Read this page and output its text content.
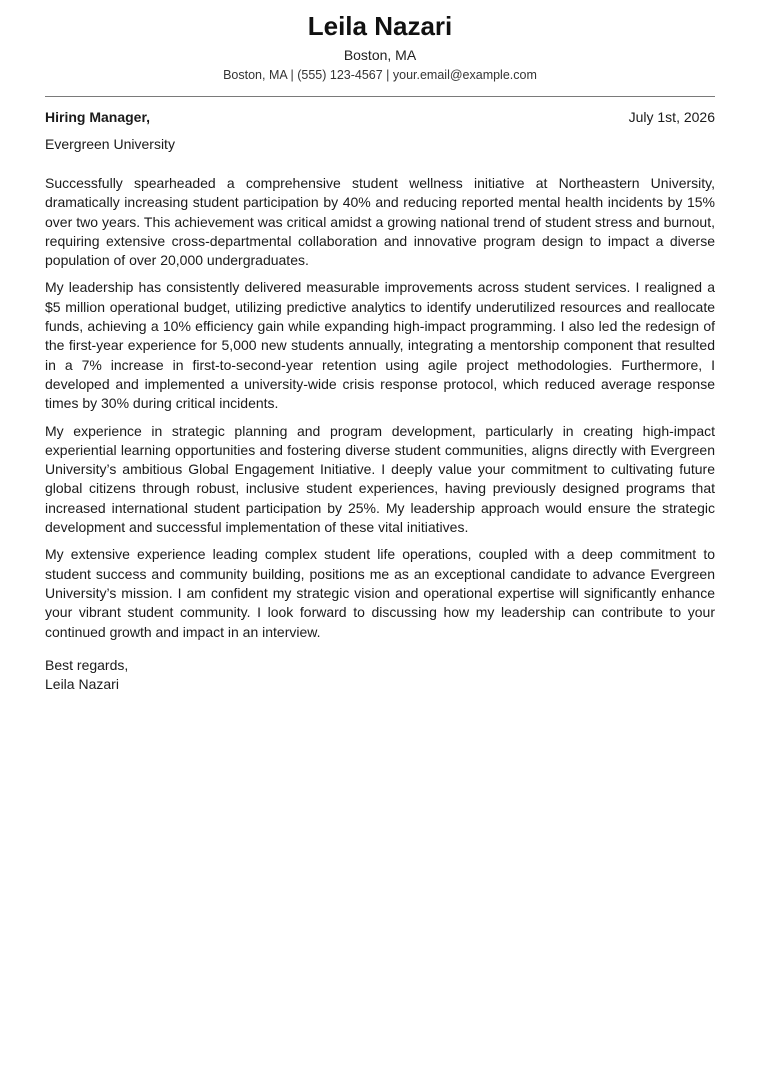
Leila Nazari
Boston, MA
Boston, MA | (555) 123-4567 | your.email@example.com
Hiring Manager,	July 1st, 2026
Evergreen University

Successfully spearheaded a comprehensive student wellness initiative at Northeastern University, dramatically increasing student participation by 40% and reducing reported mental health incidents by 15% over two years. This achievement was critical amidst a growing national trend of student stress and burnout, requiring extensive cross-departmental collaboration and innovative program design to impact a diverse population of over 20,000 undergraduates.

My leadership has consistently delivered measurable improvements across student services. I realigned a $5 million operational budget, utilizing predictive analytics to identify underutilized resources and reallocate funds, achieving a 10% efficiency gain while expanding high-impact programming. I also led the redesign of the first-year experience for 5,000 new students annually, integrating a mentorship component that resulted in a 7% increase in first-to-second-year retention using agile project methodologies. Furthermore, I developed and implemented a university-wide crisis response protocol, which reduced average response times by 30% during critical incidents.

My experience in strategic planning and program development, particularly in creating high-impact experiential learning opportunities and fostering diverse student communities, aligns directly with Evergreen University’s ambitious Global Engagement Initiative. I deeply value your commitment to cultivating future global citizens through robust, inclusive student experiences, having previously designed programs that increased international student participation by 25%. My leadership approach would ensure the strategic development and successful implementation of these vital initiatives.

My extensive experience leading complex student life operations, coupled with a deep commitment to student success and community building, positions me as an exceptional candidate to advance Evergreen University’s mission. I am confident my strategic vision and operational expertise will significantly enhance your vibrant student community. I look forward to discussing how my leadership can contribute to your continued growth and impact in an interview.

Best regards,
Leila Nazari
